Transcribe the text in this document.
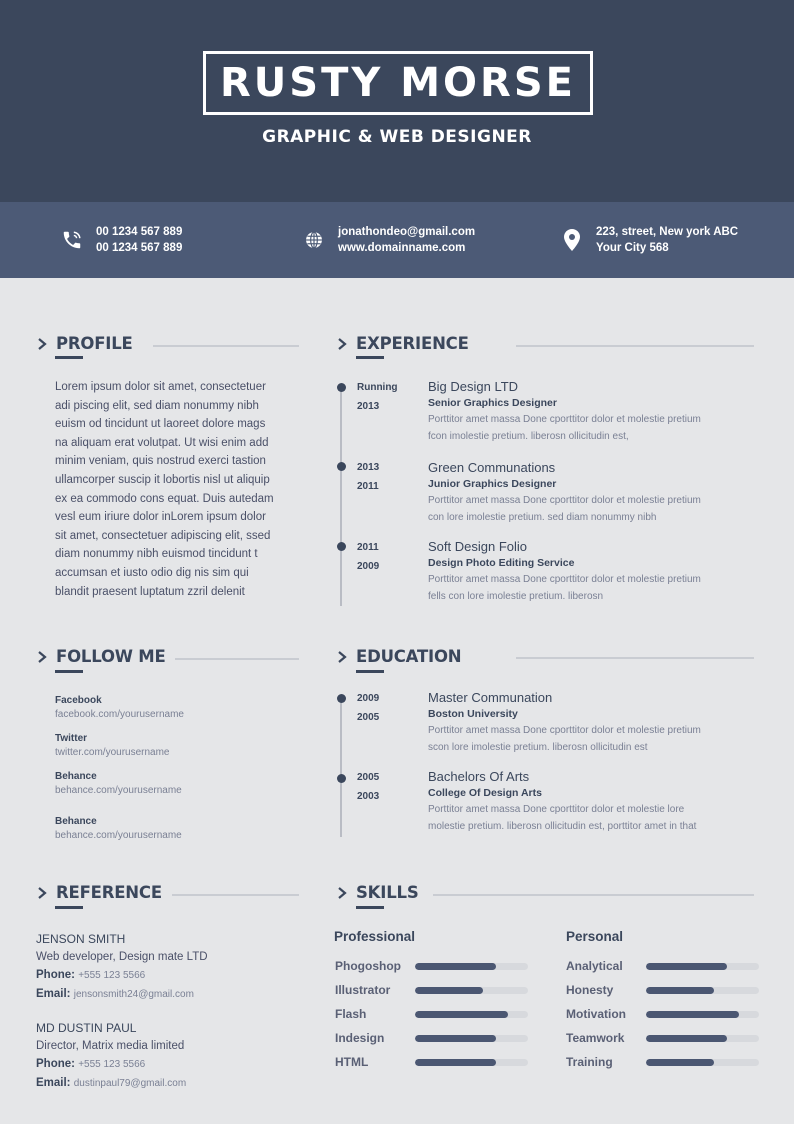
RUSTY MORSE
GRAPHIC & WEB DESIGNER
00 1234 567 889
00 1234 567 889
jonathondeo@gmail.com
www.domainname.com
223, street, New york ABC
Your City 568
PROFILE
Lorem ipsum dolor sit amet, consectetuer
adi piscing elit, sed diam nonummy nibh
euism od tincidunt ut laoreet dolore mags
na aliquam erat volutpat. Ut wisi enim add
minim veniam, quis nostrud exerci tastion
ullamcorper suscip it lobortis nisl ut aliquip
ex ea commodo cons equat. Duis autedam
vesl eum iriure dolor inLorem ipsum dolor
sit amet, consectetuer adipiscing elit, ssed
diam nonummy nibh euismod tincidunt t
accumsan et iusto odio dig nis sim qui
blandit praesent luptatum zzril delenit
FOLLOW ME
Facebook
facebook.com/yourusername
Twitter
twitter.com/yourusername
Behance
behance.com/yourusername
Behance
behance.com/yourusername
REFERENCE
JENSON SMITH
Web developer, Design mate LTD
Phone: +555 123 5566
Email: jensonsmith24@gmail.com
MD DUSTIN PAUL
Director, Matrix media limited
Phone: +555 123 5566
Email: dustinpaul79@gmail.com
EXPERIENCE
Running
2013
Big Design LTD
Senior Graphics Designer
Porttitor amet massa Done cporttitor dolor et molestie pretium
fcon imolestie pretium. liberosn ollicitudin est,
2013
2011
Green Communations
Junior Graphics Designer
Porttitor amet massa Done cporttitor dolor et molestie pretium
con lore imolestie pretium. sed diam nonummy nibh
2011
2009
Soft Design Folio
Design Photo Editing Service
Porttitor amet massa Done cporttitor dolor et molestie pretium
fells con lore imolestie pretium. liberosn
EDUCATION
2009
2005
Master Communation
Boston University
Porttitor amet massa Done cporttitor dolor et molestie pretium
scon lore imolestie pretium. liberosn ollicitudin est
2005
2003
Bachelors Of Arts
College Of Design Arts
Porttitor amet massa Done cporttitor dolor et molestie lore
molestie pretium. liberosn ollicitudin est, porttitor amet in that
SKILLS
Professional	Personal
Phogoshop
Illustrator
Flash
Indesign
HTML
Analytical
Honesty
Motivation
Teamwork
Training
